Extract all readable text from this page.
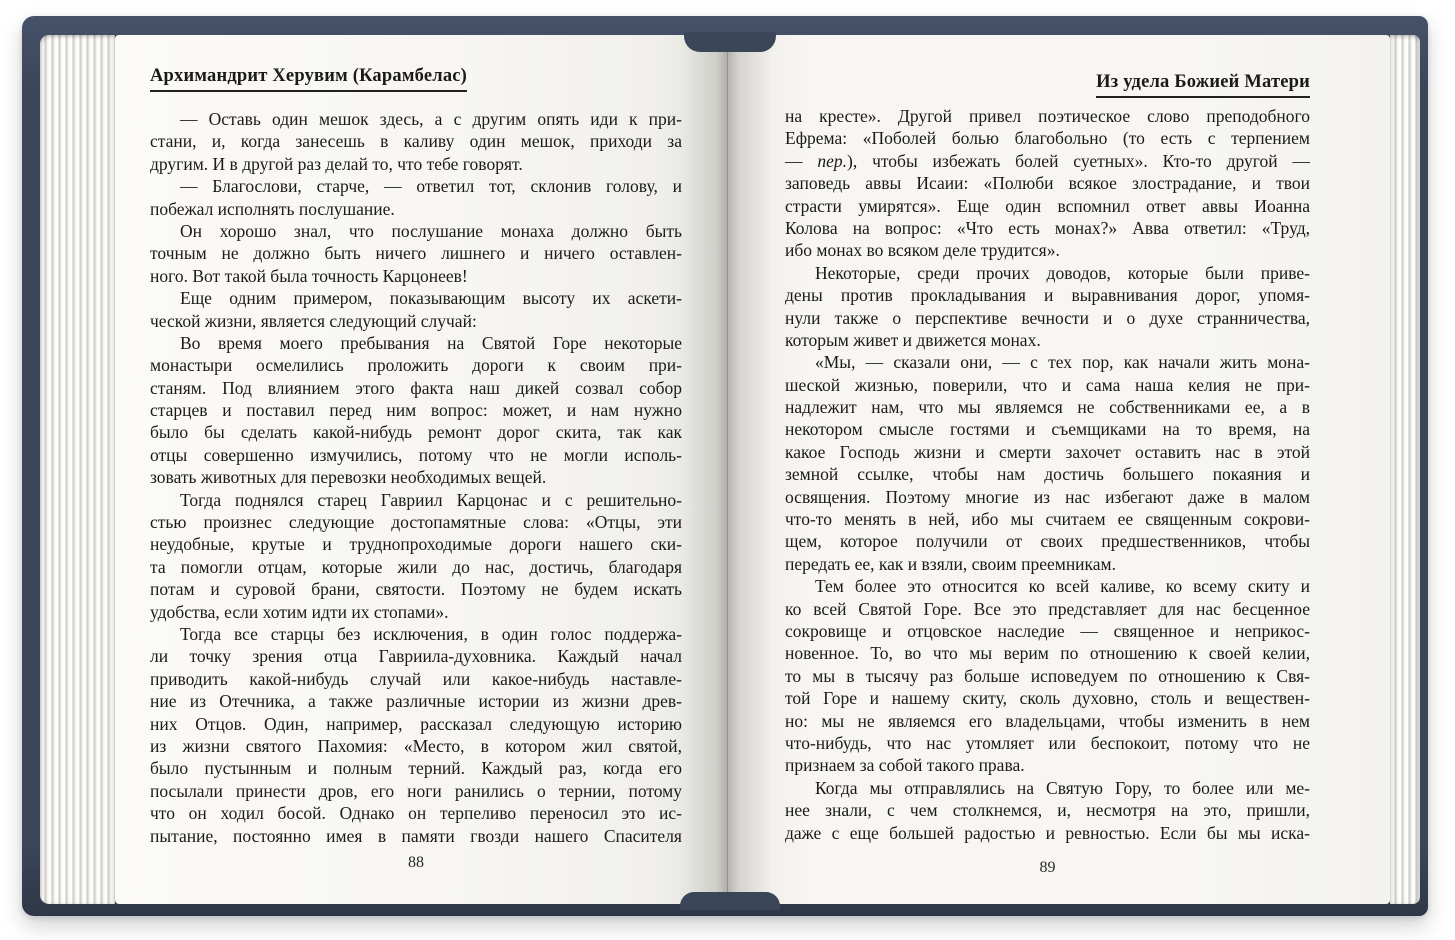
Архимандрит Херувим (Карамбелас)	Из удела Божией Матери
— Оставь один мешок здесь, а с другим опять иди к при-
стани, и, когда занесешь в каливу один мешок, приходи за
другим. И в другой раз делай то, что тебе говорят.
— Благослови, старче, — ответил тот, склонив голову, и
побежал исполнять послушание.
Он хорошо знал, что послушание монаха должно быть
точным не должно быть ничего лишнего и ничего оставлен-
ного. Вот такой была точность Карцонеев!
Еще одним примером, показывающим высоту их аскети-
ческой жизни, является следующий случай:
Во время моего пребывания на Святой Горе некоторые
монастыри осмелились проложить дороги к своим при-
станям. Под влиянием этого факта наш дикей созвал собор
старцев и поставил перед ним вопрос: может, и нам нужно
было бы сделать какой-нибудь ремонт дорог скита, так как
отцы совершенно измучились, потому что не могли исполь-
зовать животных для перевозки необходимых вещей.
Тогда поднялся старец Гавриил Карцонас и с решительно-
стью произнес следующие достопамятные слова: «Отцы, эти
неудобные, крутые и труднопроходимые дороги нашего ски-
та помогли отцам, которые жили до нас, достичь, благодаря
потам и суровой брани, святости. Поэтому не будем искать
удобства, если хотим идти их стопами».
Тогда все старцы без исключения, в один голос поддержа-
ли точку зрения отца Гавриила-духовника. Каждый начал
приводить какой-нибудь случай или какое-нибудь наставле-
ние из Отечника, а также различные истории из жизни древ-
них Отцов. Один, например, рассказал следующую историю
из жизни святого Пахомия: «Место, в котором жил святой,
было пустынным и полным терний. Каждый раз, когда его
посылали принести дров, его ноги ранились о тернии, потому
что он ходил босой. Однако он терпеливо переносил это ис-
пытание, постоянно имея в памяти гвозди нашего Спасителя
на кресте». Другой привел поэтическое слово преподобного
Ефрема: «Поболей болью благобольно (то есть с терпением
— пер.), чтобы избежать болей суетных». Кто-то другой —
заповедь аввы Исаии: «Полюби всякое злострадание, и твои
страсти умирятся». Еще один вспомнил ответ аввы Иоанна
Колова на вопрос: «Что есть монах?» Авва ответил: «Труд,
ибо монах во всяком деле трудится».
Некоторые, среди прочих доводов, которые были приве-
дены против прокладывания и выравнивания дорог, упомя-
нули также о перспективе вечности и о духе странничества,
которым живет и движется монах.
«Мы, — сказали они, — с тех пор, как начали жить мона-
шеской жизнью, поверили, что и сама наша келия не при-
надлежит нам, что мы являемся не собственниками ее, а в
некотором смысле гостями и съемщиками на то время, на
какое Господь жизни и смерти захочет оставить нас в этой
земной ссылке, чтобы нам достичь большего покаяния и
освящения. Поэтому многие из нас избегают даже в малом
что-то менять в ней, ибо мы считаем ее священным сокрови-
щем, которое получили от своих предшественников, чтобы
передать ее, как и взяли, своим преемникам.
Тем более это относится ко всей каливе, ко всему скиту и
ко всей Святой Горе. Все это представляет для нас бесценное
сокровище и отцовское наследие — священное и неприкос-
новенное. То, во что мы верим по отношению к своей келии,
то мы в тысячу раз больше исповедуем по отношению к Свя-
той Горе и нашему скиту, сколь духовно, столь и веществен-
но: мы не являемся его владельцами, чтобы изменить в нем
что-нибудь, что нас утомляет или беспокоит, потому что не
признаем за собой такого права.
Когда мы отправлялись на Святую Гору, то более или ме-
нее знали, с чем столкнемся, и, несмотря на это, пришли,
даже с еще большей радостью и ревностью. Если бы мы иска-
88	89
